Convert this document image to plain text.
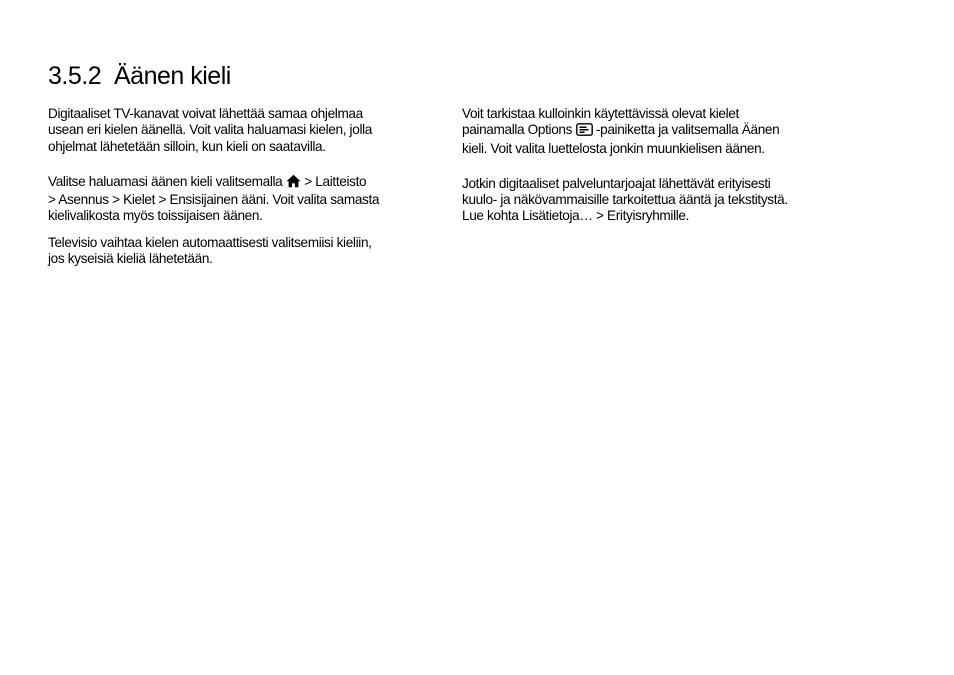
3.5.2 Äänen kieli

Digitaaliset TV-kanavat voivat lähettää samaa ohjelmaa
usean eri kielen äänellä. Voit valita haluamasi kielen, jolla
ohjelmat lähetetään silloin, kun kieli on saatavilla.

Valitse haluamasi äänen kieli valitsemalla > Laitteisto
> Asennus > Kielet > Ensisijainen ääni. Voit valita samasta
kielivalikosta myös toissijaisen äänen.

Televisio vaihtaa kielen automaattisesti valitsemiisi kieliin,
jos kyseisiä kieliä lähetetään.

Voit tarkistaa kulloinkin käytettävissä olevat kielet
painamalla Options -painiketta ja valitsemalla Äänen
kieli. Voit valita luettelosta jonkin muunkielisen äänen.

Jotkin digitaaliset palveluntarjoajat lähettävät erityisesti
kuulo- ja näkövammaisille tarkoitettua ääntä ja tekstitystä.
Lue kohta Lisätietoja… > Erityisryhmille.
